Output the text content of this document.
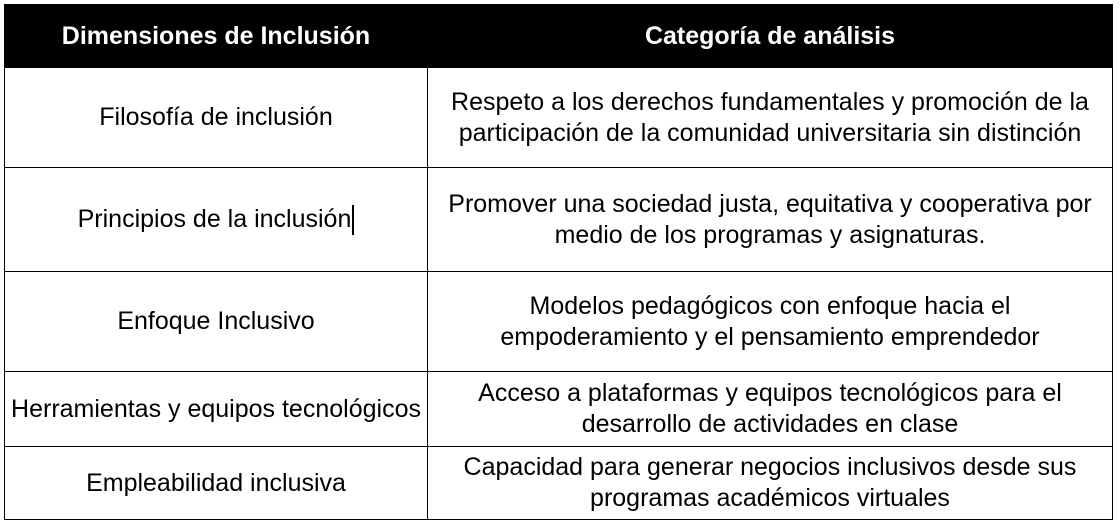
Dimensiones de Inclusión	Categoría de análisis
Filosofía de inclusión	Respeto a los derechos fundamentales y promoción de la participación de la comunidad universitaria sin distinción
Principios de la inclusión	Promover una sociedad justa, equitativa y cooperativa por medio de los programas y asignaturas.
Enfoque Inclusivo	Modelos pedagógicos con enfoque hacia el empoderamiento y el pensamiento emprendedor
Herramientas y equipos tecnológicos	Acceso a plataformas y equipos tecnológicos para el desarrollo de actividades en clase
Empleabilidad inclusiva	Capacidad para generar negocios inclusivos desde sus programas académicos virtuales
